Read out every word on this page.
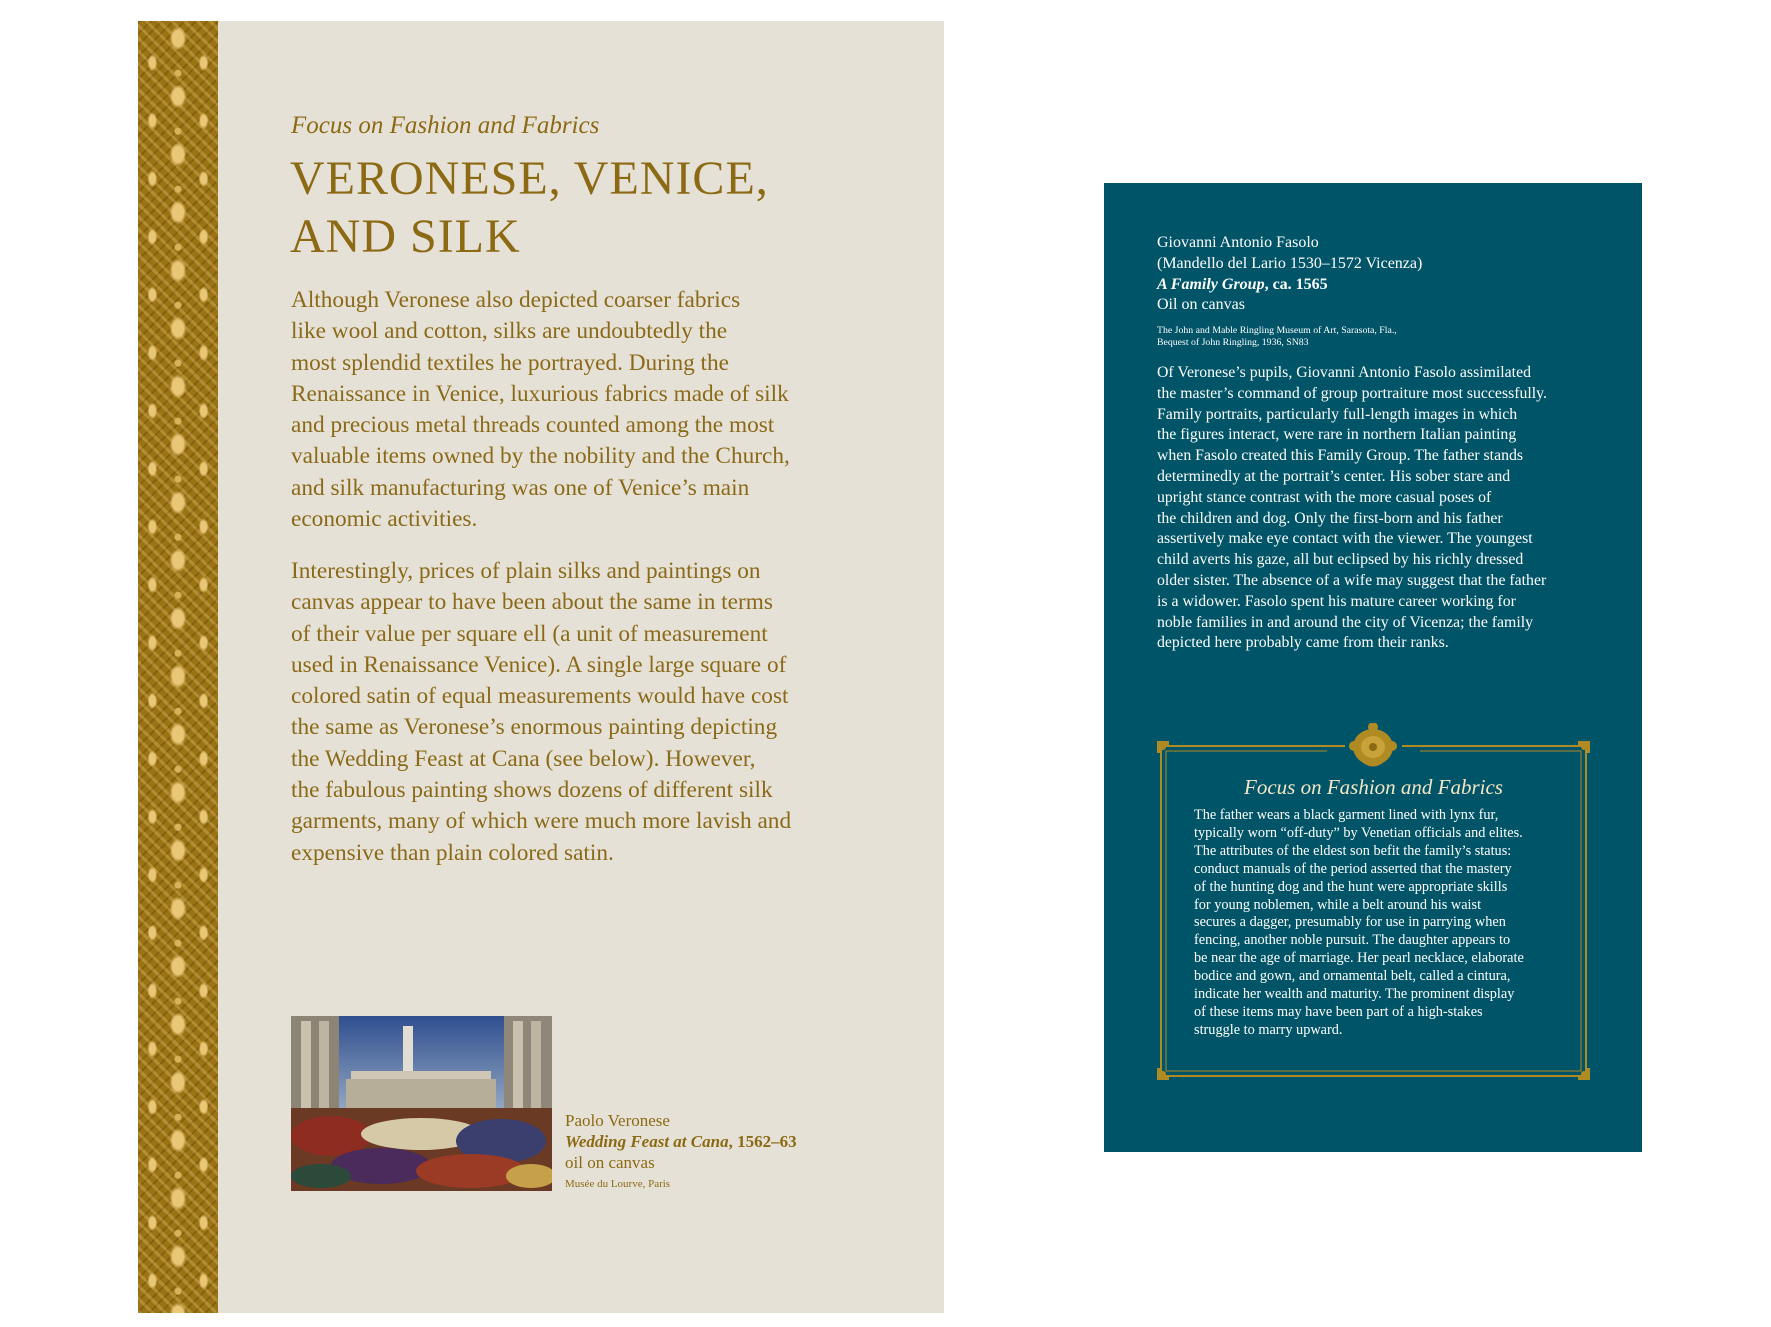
Focus on Fashion and Fabrics
VERONESE, VENICE,
AND SILK
Although Veronese also depicted coarser fabrics
like wool and cotton, silks are undoubtedly the
most splendid textiles he portrayed. During the
Renaissance in Venice, luxurious fabrics made of silk
and precious metal threads counted among the most
valuable items owned by the nobility and the Church,
and silk manufacturing was one of Venice’s main
economic activities.
Interestingly, prices of plain silks and paintings on
canvas appear to have been about the same in terms
of their value per square ell (a unit of measurement
used in Renaissance Venice). A single large square of
colored satin of equal measurements would have cost
the same as Veronese’s enormous painting depicting
the Wedding Feast at Cana (see below). However,
the fabulous painting shows dozens of different silk
garments, many of which were much more lavish and
expensive than plain colored satin.
Paolo Veronese
Wedding Feast at Cana, 1562–63
oil on canvas
Musée du Lourve, Paris
Giovanni Antonio Fasolo
(Mandello del Lario 1530–1572 Vicenza)
A Family Group, ca. 1565
Oil on canvas
The John and Mable Ringling Museum of Art, Sarasota, Fla.,
Bequest of John Ringling, 1936, SN83
Of Veronese’s pupils, Giovanni Antonio Fasolo assimilated
the master’s command of group portraiture most successfully.
Family portraits, particularly full-length images in which
the figures interact, were rare in northern Italian painting
when Fasolo created this Family Group. The father stands
determinedly at the portrait’s center. His sober stare and
upright stance contrast with the more casual poses of
the children and dog. Only the first-born and his father
assertively make eye contact with the viewer. The youngest
child averts his gaze, all but eclipsed by his richly dressed
older sister. The absence of a wife may suggest that the father
is a widower. Fasolo spent his mature career working for
noble families in and around the city of Vicenza; the family
depicted here probably came from their ranks.
Focus on Fashion and Fabrics
The father wears a black garment lined with lynx fur,
typically worn “off-duty” by Venetian officials and elites.
The attributes of the eldest son befit the family’s status:
conduct manuals of the period asserted that the mastery
of the hunting dog and the hunt were appropriate skills
for young noblemen, while a belt around his waist
secures a dagger, presumably for use in parrying when
fencing, another noble pursuit. The daughter appears to
be near the age of marriage. Her pearl necklace, elaborate
bodice and gown, and ornamental belt, called a cintura,
indicate her wealth and maturity. The prominent display
of these items may have been part of a high-stakes
struggle to marry upward.
